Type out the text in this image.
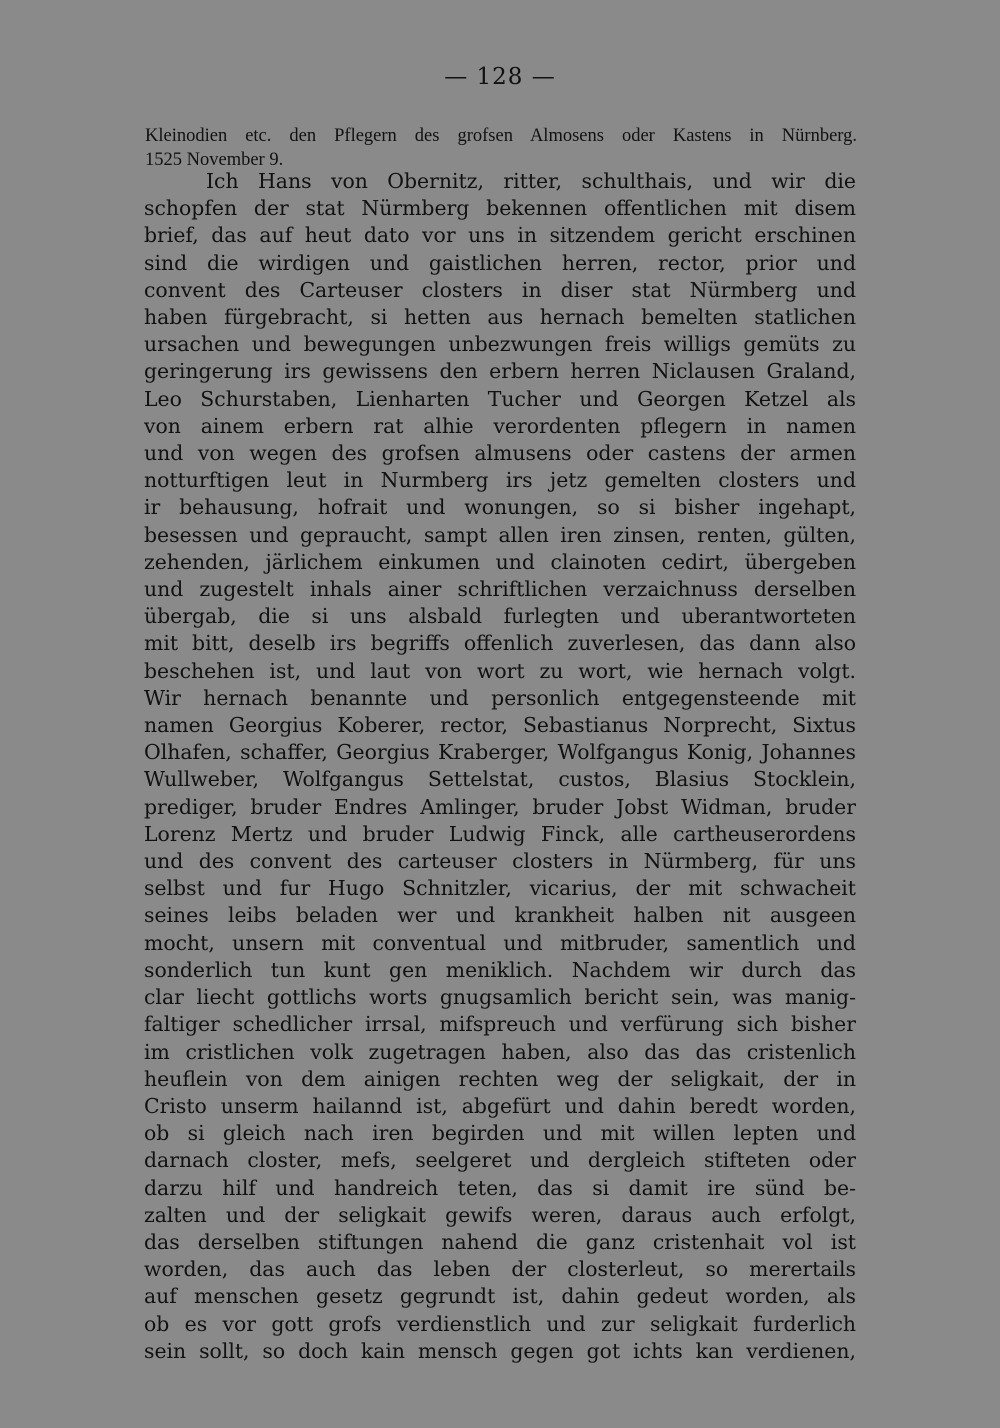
— 128 —
Kleinodien etc. den Pflegern des grofsen Almosens oder Kastens in Nürnberg.
1525 November 9.
Ich Hans von Obernitz, ritter, schulthais, und wir die
schopfen der stat Nürmberg bekennen offentlichen mit disem
brief, das auf heut dato vor uns in sitzendem gericht erschinen
sind die wirdigen und gaistlichen herren, rector, prior und
convent des Carteuser closters in diser stat Nürmberg und
haben fürgebracht, si hetten aus hernach bemelten statlichen
ursachen und bewegungen unbezwungen freis willigs gemüts zu
geringerung irs gewissens den erbern herren Niclausen Graland,
Leo Schurstaben, Lienharten Tucher und Georgen Ketzel als
von ainem erbern rat alhie verordenten pflegern in namen
und von wegen des grofsen almusens oder castens der armen
notturftigen leut in Nurmberg irs jetz gemelten closters und
ir behausung, hofrait und wonungen, so si bisher ingehapt,
besessen und gepraucht, sampt allen iren zinsen, renten, gülten,
zehenden, järlichem einkumen und clainoten cedirt, übergeben
und zugestelt inhals ainer schriftlichen verzaichnuss derselben
übergab, die si uns alsbald furlegten und uberantworteten
mit bitt, deselb irs begriffs offenlich zuverlesen, das dann also
beschehen ist, und laut von wort zu wort, wie hernach volgt.
Wir hernach benannte und personlich entgegensteende mit
namen Georgius Koberer, rector, Sebastianus Norprecht, Sixtus
Olhafen, schaffer, Georgius Kraberger, Wolfgangus Konig, Johannes
Wullweber, Wolfgangus Settelstat, custos, Blasius Stocklein,
prediger, bruder Endres Amlinger, bruder Jobst Widman, bruder
Lorenz Mertz und bruder Ludwig Finck, alle cartheuserordens
und des convent des carteuser closters in Nürmberg, für uns
selbst und fur Hugo Schnitzler, vicarius, der mit schwacheit
seines leibs beladen wer und krankheit halben nit ausgeen
mocht, unsern mit conventual und mitbruder, samentlich und
sonderlich tun kunt gen meniklich. Nachdem wir durch das
clar liecht gottlichs worts gnugsamlich bericht sein, was manig-
faltiger schedlicher irrsal, mifspreuch und verfürung sich bisher
im cristlichen volk zugetragen haben, also das das cristenlich
heuflein von dem ainigen rechten weg der seligkait, der in
Cristo unserm hailannd ist, abgefürt und dahin beredt worden,
ob si gleich nach iren begirden und mit willen lepten und
darnach closter, mefs, seelgeret und dergleich stifteten oder
darzu hilf und handreich teten, das si damit ire sünd be-
zalten und der seligkait gewifs weren, daraus auch erfolgt,
das derselben stiftungen nahend die ganz cristenhait vol ist
worden, das auch das leben der closterleut, so merertails
auf menschen gesetz gegrundt ist, dahin gedeut worden, als
ob es vor gott grofs verdienstlich und zur seligkait furderlich
sein sollt, so doch kain mensch gegen got ichts kan verdienen,
